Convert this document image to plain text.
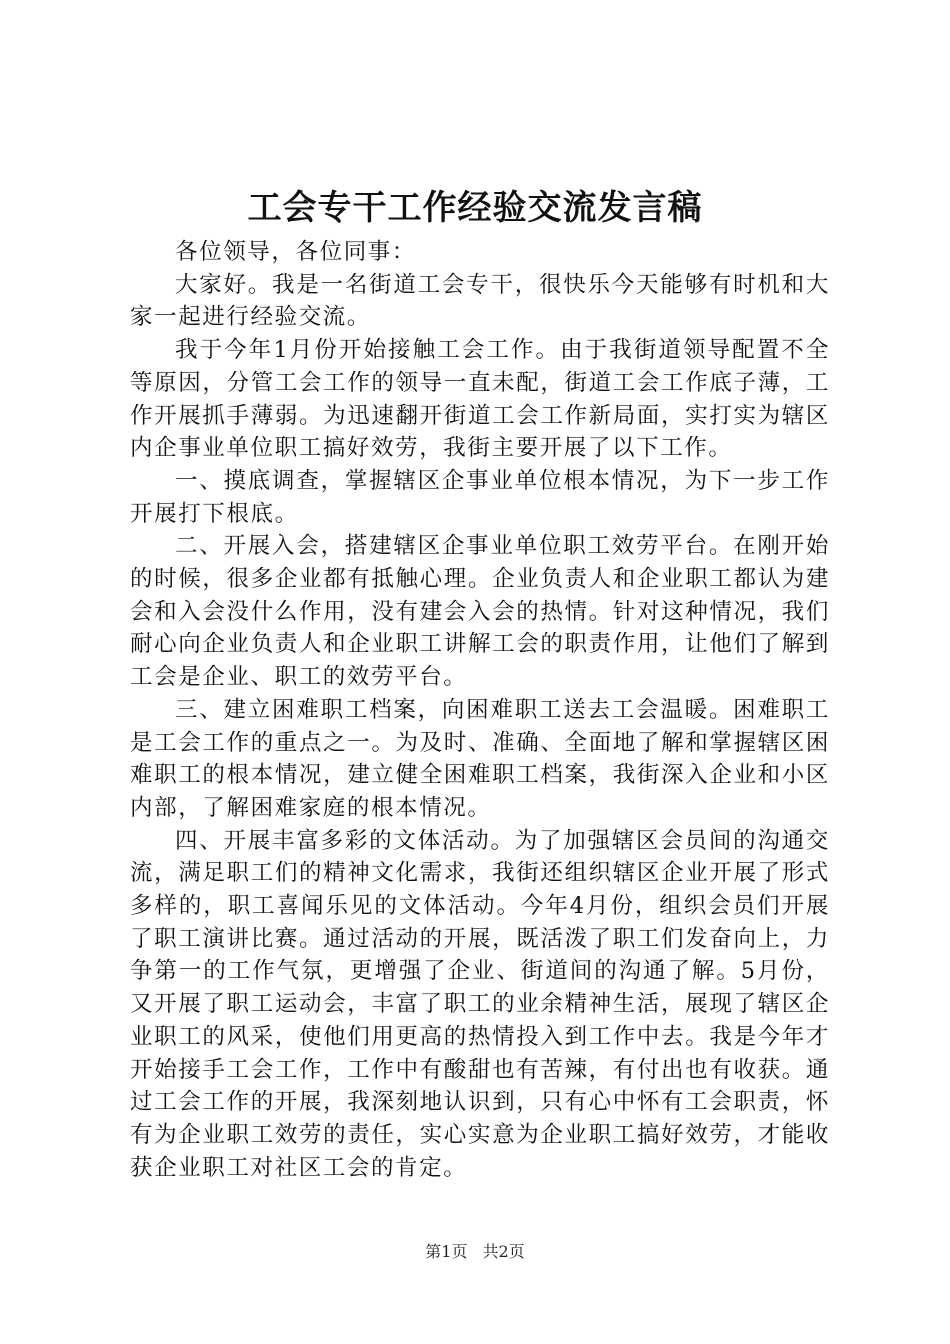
工会专干工作经验交流发言稿

各位领导，各位同事：

大家好。我是一名街道工会专干，很快乐今天能够有时机和大家一起进行经验交流。

我于今年1月份开始接触工会工作。由于我街道领导配置不全等原因，分管工会工作的领导一直未配，街道工会工作底子薄，工作开展抓手薄弱。为迅速翻开街道工会工作新局面，实打实为辖区内企事业单位职工搞好效劳，我街主要开展了以下工作。

一、摸底调查，掌握辖区企事业单位根本情况，为下一步工作开展打下根底。

二、开展入会，搭建辖区企事业单位职工效劳平台。在刚开始的时候，很多企业都有抵触心理。企业负责人和企业职工都认为建会和入会没什么作用，没有建会入会的热情。针对这种情况，我们耐心向企业负责人和企业职工讲解工会的职责作用，让他们了解到工会是企业、职工的效劳平台。

三、建立困难职工档案，向困难职工送去工会温暖。困难职工是工会工作的重点之一。为及时、准确、全面地了解和掌握辖区困难职工的根本情况，建立健全困难职工档案，我街深入企业和小区内部，了解困难家庭的根本情况。

四、开展丰富多彩的文体活动。为了加强辖区会员间的沟通交流，满足职工们的精神文化需求，我街还组织辖区企业开展了形式多样的，职工喜闻乐见的文体活动。今年4月份，组织会员们开展了职工演讲比赛。通过活动的开展，既活泼了职工们发奋向上，力争第一的工作气氛，更增强了企业、街道间的沟通了解。5月份，又开展了职工运动会，丰富了职工的业余精神生活，展现了辖区企业职工的风采，使他们用更高的热情投入到工作中去。我是今年才开始接手工会工作，工作中有酸甜也有苦辣，有付出也有收获。通过工会工作的开展，我深刻地认识到，只有心中怀有工会职责，怀有为企业职工效劳的责任，实心实意为企业职工搞好效劳，才能收获企业职工对社区工会的肯定。

第1页 共2页
